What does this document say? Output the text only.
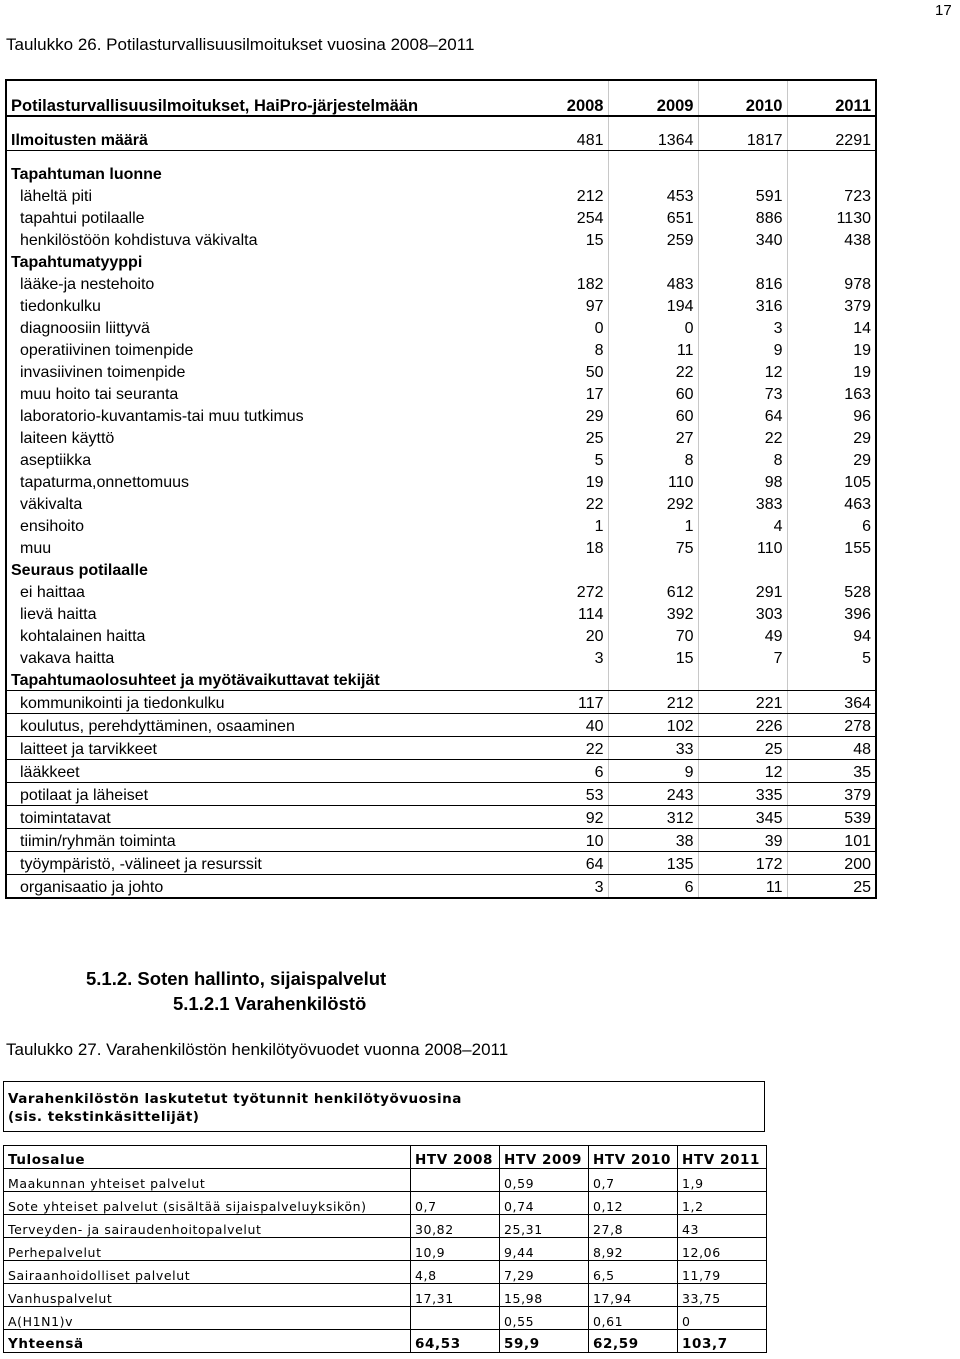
17
Taulukko 26. Potilasturvallisuusilmoitukset vuosina 2008–2011
Potilasturvallisuusilmoitukset, HaiPro-järjestelmään	2008	2009	2010	2011

Ilmoitusten määrä	481	1364	1817	2291

Tapahtuman luonne				
läheltä piti	212	453	591	723
tapahtui potilaalle	254	651	886	1130
henkilöstöön kohdistuva väkivalta	15	259	340	438
Tapahtumatyyppi				
lääke-ja nestehoito	182	483	816	978
tiedonkulku	97	194	316	379
diagnoosiin liittyvä	0	0	3	14
operatiivinen toimenpide	8	11	9	19
invasiivinen toimenpide	50	22	12	19
muu hoito tai seuranta	17	60	73	163
laboratorio-kuvantamis-tai muu tutkimus	29	60	64	96
laiteen käyttö	25	27	22	29
aseptiikka	5	8	8	29
tapaturma,onnettomuus	19	110	98	105
väkivalta	22	292	383	463
ensihoito	1	1	4	6
muu	18	75	110	155
Seuraus potilaalle				
ei haittaa	272	612	291	528
lievä haitta	114	392	303	396
kohtalainen haitta	20	70	49	94
vakava haitta	3	15	7	5
Tapahtumaolosuhteet ja myötävaikuttavat tekijät				
kommunikointi ja tiedonkulku	117	212	221	364
koulutus, perehdyttäminen, osaaminen	40	102	226	278
laitteet ja tarvikkeet	22	33	25	48
lääkkeet	6	9	12	35
potilaat ja läheiset	53	243	335	379
toimintatavat	92	312	345	539
tiimin/ryhmän toiminta	10	38	39	101
työympäristö, -välineet ja resurssit	64	135	172	200
organisaatio ja johto	3	6	11	25
5.1.2. Soten hallinto, sijaispalvelut
5.1.2.1 Varahenkilöstö
Taulukko 27. Varahenkilöstön henkilötyövuodet vuonna 2008–2011
Varahenkilöstön laskutetut työtunnit henkilötyövuosina
(sis. tekstinkäsittelijät)
Tulosalue	HTV 2008	HTV 2009	HTV 2010	HTV 2011
Maakunnan yhteiset palvelut		0,59	0,7	1,9
Sote yhteiset palvelut (sisältää sijaispalveluyksikön)	0,7	0,74	0,12	1,2
Terveyden- ja sairaudenhoitopalvelut	30,82	25,31	27,8	43
Perhepalvelut	10,9	9,44	8,92	12,06
Sairaanhoidolliset palvelut	4,8	7,29	6,5	11,79
Vanhuspalvelut	17,31	15,98	17,94	33,75
A(H1N1)v		0,55	0,61	0
Yhteensä	64,53	59,9	62,59	103,7
